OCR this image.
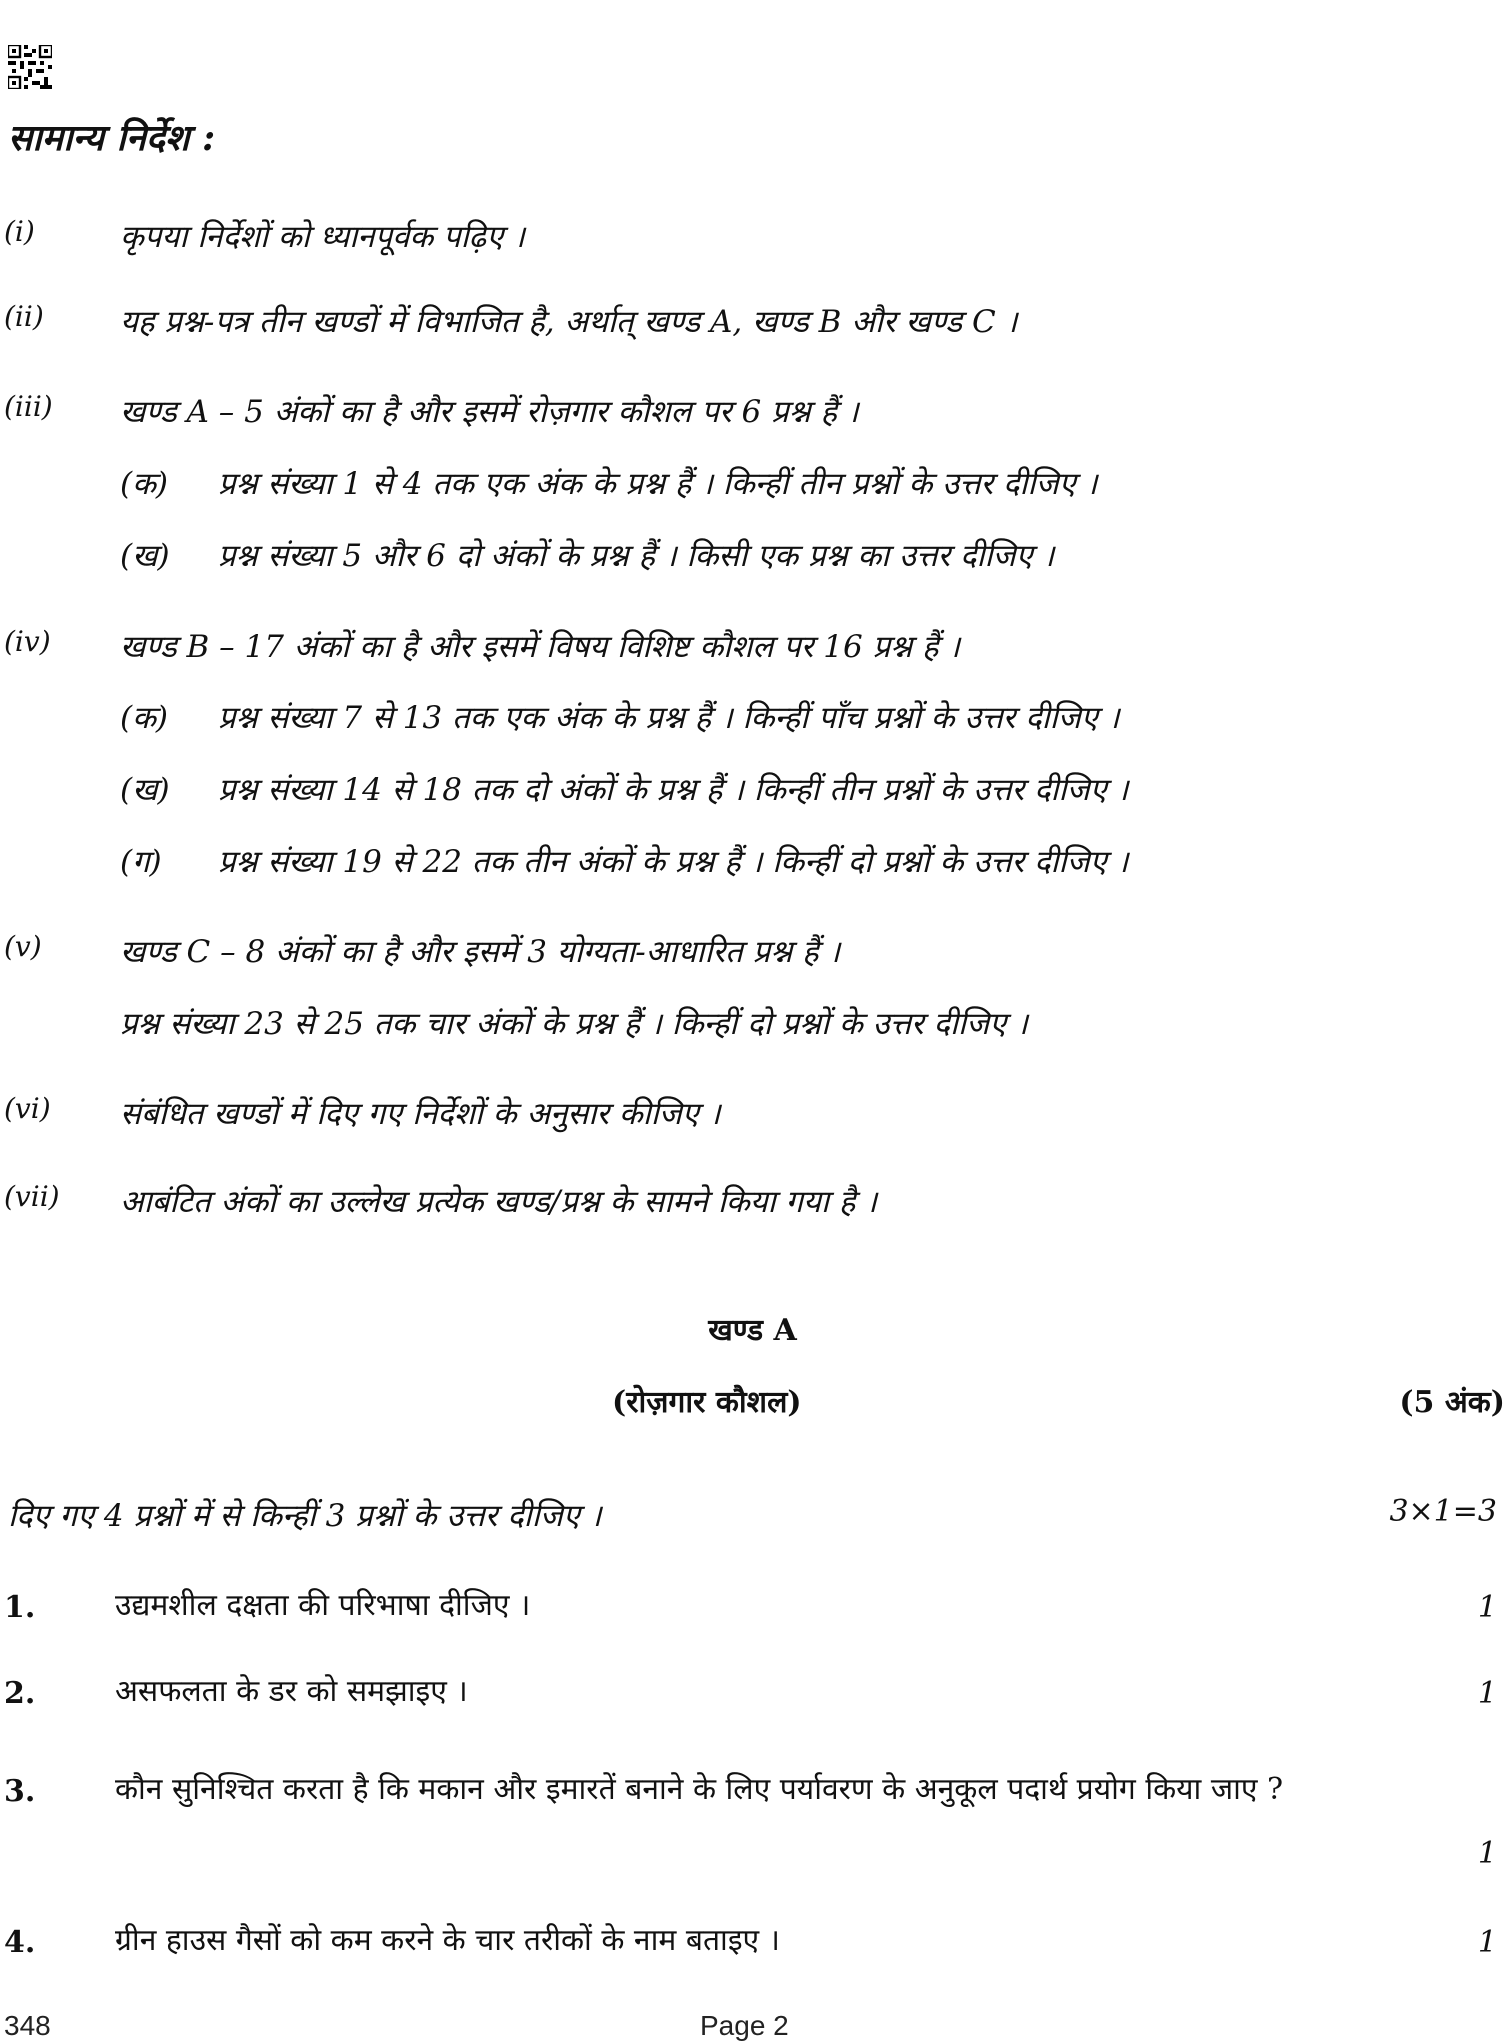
सामान्य निर्देश :
(i)	कृपया निर्देशों को ध्यानपूर्वक पढ़िए ।
(ii) यह प्रश्न-पत्र तीन खण्डों में विभाजित है, अर्थात् खण्ड A, खण्ड B और खण्ड C ।
(iii) खण्ड A – 5 अंकों का है और इसमें रोज़गार कौशल पर 6 प्रश्न हैं ।
(क) प्रश्न संख्या 1 से 4 तक एक अंक के प्रश्न हैं । किन्हीं तीन प्रश्नों के उत्तर दीजिए ।
(ख) प्रश्न संख्या 5 और 6 दो अंकों के प्रश्न हैं । किसी एक प्रश्न का उत्तर दीजिए ।
(iv) खण्ड B – 17 अंकों का है और इसमें विषय विशिष्ट कौशल पर 16 प्रश्न हैं ।
(क) प्रश्न संख्या 7 से 13 तक एक अंक के प्रश्न हैं । किन्हीं पाँच प्रश्नों के उत्तर दीजिए ।
(ख) प्रश्न संख्या 14 से 18 तक दो अंकों के प्रश्न हैं । किन्हीं तीन प्रश्नों के उत्तर दीजिए ।
(ग) प्रश्न संख्या 19 से 22 तक तीन अंकों के प्रश्न हैं । किन्हीं दो प्रश्नों के उत्तर दीजिए ।
(v)	खण्ड C – 8 अंकों का है और इसमें 3 योग्यता-आधारित प्रश्न हैं ।
प्रश्न संख्या 23 से 25 तक चार अंकों के प्रश्न हैं । किन्हीं दो प्रश्नों के उत्तर दीजिए ।
(vi) संबंधित खण्डों में दिए गए निर्देशों के अनुसार कीजिए ।
(vii) आबंटित अंकों का उल्लेख प्रत्येक खण्ड/प्रश्न के सामने किया गया है ।
खण्ड A
(रोज़गार कौशल)	(5 अंक)
दिए गए 4 प्रश्नों में से किन्हीं 3 प्रश्नों के उत्तर दीजिए ।	3×1=3
1.	उद्यमशील दक्षता की परिभाषा दीजिए ।	1
2.	असफलता के डर को समझाइए ।	1
3.	कौन सुनिश्चित करता है कि मकान और इमारतें बनाने के लिए पर्यावरण के अनुकूल पदार्थ प्रयोग किया जाए ?
1
4.	ग्रीन हाउस गैसों को कम करने के चार तरीकों के नाम बताइए ।	1
348	Page 2
